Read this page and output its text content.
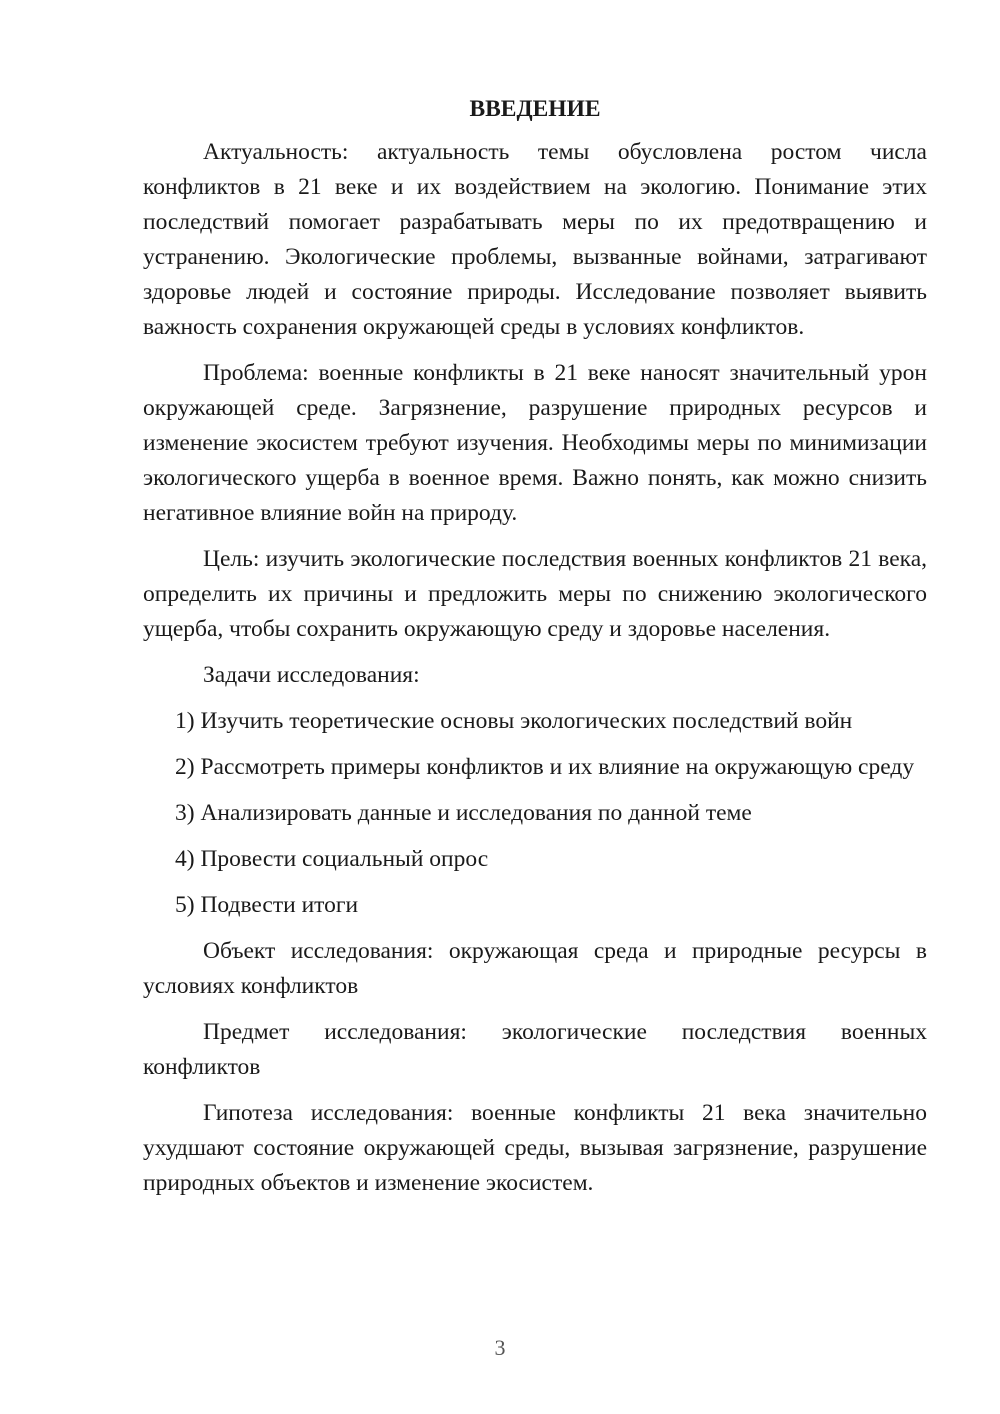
ВВЕДЕНИЕ

Актуальность: актуальность темы обусловлена ростом числа конфликтов в 21 веке и их воздействием на экологию. Понимание этих последствий помогает разрабатывать меры по их предотвращению и устранению. Экологические проблемы, вызванные войнами, затрагивают здоровье людей и состояние природы. Исследование позволяет выявить важность сохранения окружающей среды в условиях конфликтов.

Проблема: военные конфликты в 21 веке наносят значительный урон окружающей среде. Загрязнение, разрушение природных ресурсов и изменение экосистем требуют изучения. Необходимы меры по минимизации экологического ущерба в военное время. Важно понять, как можно снизить негативное влияние войн на природу.

Цель: изучить экологические последствия военных конфликтов 21 века, определить их причины и предложить меры по снижению экологического ущерба, чтобы сохранить окружающую среду и здоровье населения.

Задачи исследования:

1) Изучить теоретические основы экологических последствий войн

2) Рассмотреть примеры конфликтов и их влияние на окружающую среду

3) Анализировать данные и исследования по данной теме

4) Провести социальный опрос

5) Подвести итоги

Объект исследования: окружающая среда и природные ресурсы в условиях конфликтов

Предмет исследования: экологические последствия военных конфликтов

Гипотеза исследования: военные конфликты 21 века значительно ухудшают состояние окружающей среды, вызывая загрязнение, разрушение природных объектов и изменение экосистем.

3
